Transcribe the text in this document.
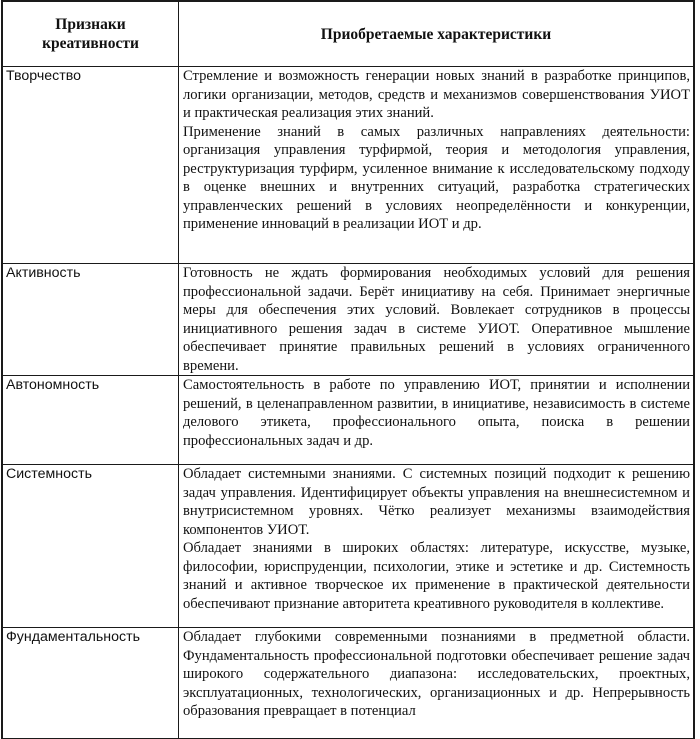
Признаки
креативности	Приобретаемые характеристики
Творчество	Стремление и возможность генерации новых знаний в разработке принципов, логики организации, методов, средств и механизмов совершенствования УИОТ и практическая реализация этих знаний.
Применение знаний в самых различных направлениях деятельности: организация управления турфирмой, теория и методология управления, реструктуризация турфирм, усиленное внимание к исследовательскому подходу в оценке внешних и внутренних ситуаций, разработка стратегических управленческих решений в условиях неопределённости и конкуренции, применение инноваций в реализации ИОТ и др.

Активность	Готовность не ждать формирования необходимых условий для решения профессиональной задачи. Берёт инициативу на себя. Принимает энергичные меры для обеспечения этих условий. Вовлекает сотрудников в процессы инициативного решения задач в системе УИОТ. Оперативное мышление обеспечивает принятие правильных решений в условиях ограниченного времени.

Автономность	Самостоятельность в работе по управлению ИОТ, принятии и исполнении решений, в целенаправленном развитии, в инициативе, независимость в системе делового этикета, профессионального опыта, поиска в решении профессиональных задач и др.

Системность	Обладает системными знаниями. С системных позиций подходит к решению задач управления. Идентифицирует объекты управления на внешнесистемном и внутрисистемном уровнях. Чётко реализует механизмы взаимодействия компонентов УИОТ.
Обладает знаниями в широких областях: литературе, искусстве, музыке, философии, юриспруденции, психологии, этике и эстетике и др. Системность знаний и активное творческое их применение в практической деятельности обеспечивают признание авторитета креативного руководителя в коллективе.

Фундаментальность	Обладает глубокими современными познаниями в предметной области. Фундаментальность профессиональной подготовки обеспечивает решение задач широкого содержательного диапазона: исследовательских, проектных, эксплуатационных, технологических, организационных и др. Непрерывность образования превращает в потенциал
